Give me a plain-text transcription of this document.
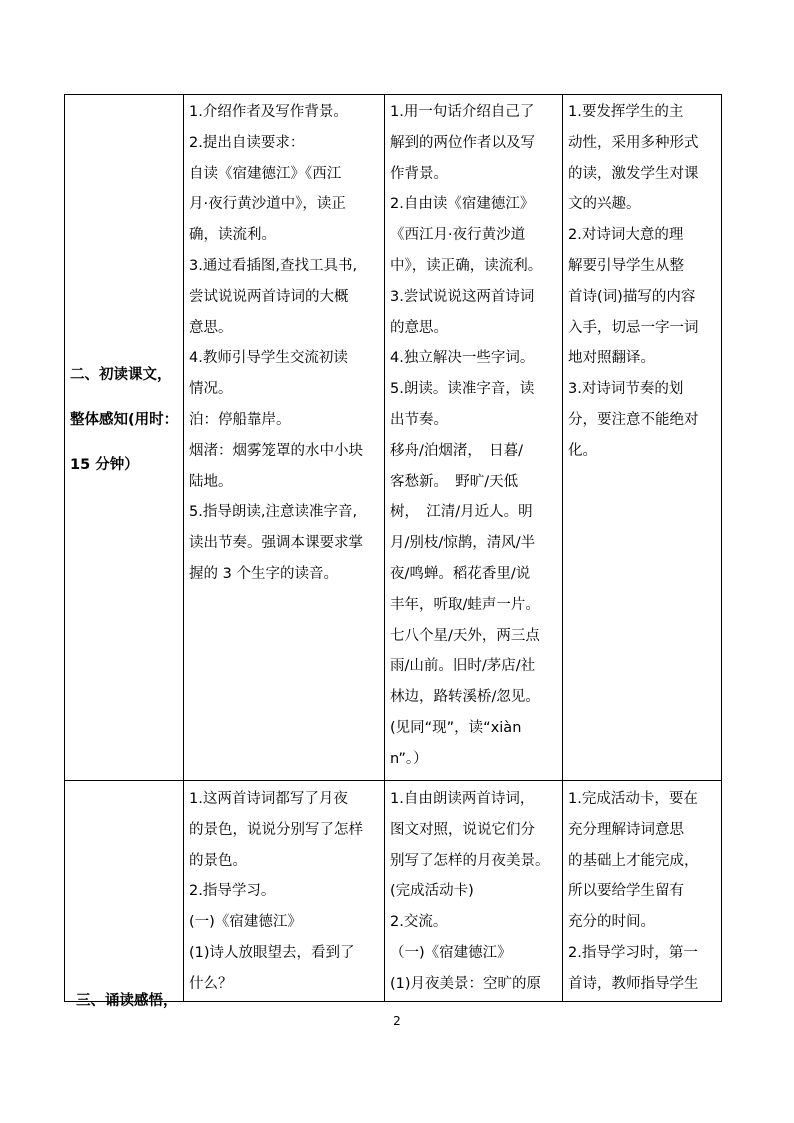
二、初读课文，

整体感知(用时：

15 分钟）

1.介绍作者及写作背景。

2.提出自读要求：

自读《宿建德江》《西江

月·夜行黄沙道中》，读正

确，读流利。

3.通过看插图,查找工具书,

尝试说说两首诗词的大概

意思。

4.教师引导学生交流初读

情况。

泊：停船靠岸。

烟渚：烟雾笼罩的水中小块

陆地。

5.指导朗读,注意读准字音,

读出节奏。强调本课要求掌

握的 3 个生字的读音。

1.用一句话介绍自己了

解到的两位作者以及写

作背景。

2.自由读《宿建德江》

《西江月·夜行黄沙道

中》，读正确，读流利。

3.尝试说说这两首诗词

的意思。

4.独立解决一些字词。

5.朗读。读准字音，读

出节奏。

移舟/泊烟渚，　日暮/

客愁新。　野旷/天低

树，　江清/月近人。明

月/别枝/惊鹊，清风/半

夜/鸣蝉。稻花香里/说

丰年，听取/蛙声一片。

七八个星/天外，两三点

雨/山前。旧时/茅店/社

林边，路转溪桥/忽见。

(见同“现”，读“xiàn

n”。）

1.要发挥学生的主

动性，采用多种形式

的读，激发学生对课

文的兴趣。

2.对诗词大意的理

解要引导学生从整

首诗(词)描写的内容

入手，切忌一字一词

地对照翻译。

3.对诗词节奏的划

分，要注意不能绝对

化。

三、诵读感悟，

1.这两首诗词都写了月夜

的景色，说说分别写了怎样

的景色。

2.指导学习。

(一)《宿建德江》

(1)诗人放眼望去，看到了

什么？

1.自由朗读两首诗词，

图文对照，说说它们分

别写了怎样的月夜美景。

(完成活动卡)

2.交流。

（一)《宿建德江》

(1)月夜美景：空旷的原

1.完成活动卡，要在

充分理解诗词意思

的基础上才能完成，

所以要给学生留有

充分的时间。

2.指导学习时，第一

首诗，教师指导学生

2
